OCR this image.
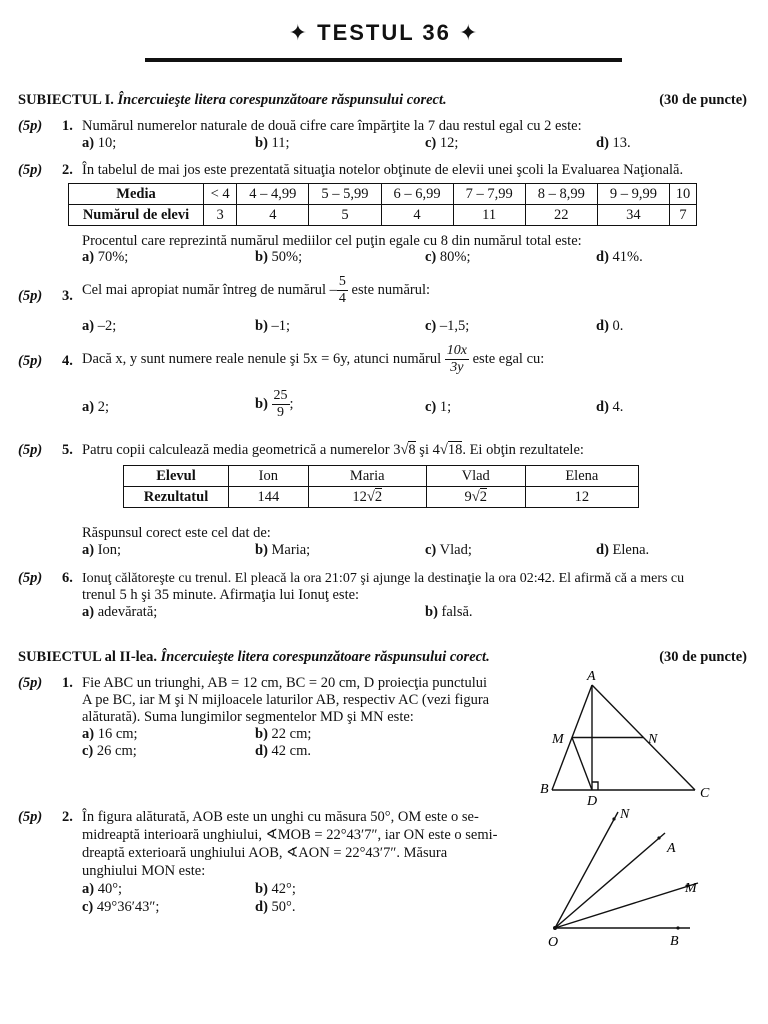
✦ TESTUL 36 ✦
SUBIECTUL I. Încercuieşte litera corespunzătoare răspunsului corect.	(30 de puncte)
(5p) 1. Numărul numerelor naturale de două cifre care împărţite la 7 dau restul egal cu 2 este:
a) 10;	b) 11;	c) 12;	d) 13.
(5p) 2. În tabelul de mai jos este prezentată situaţia notelor obţinute de elevii unei şcoli la Evaluarea Naţională.
Media	< 4	4 – 4,99	5 – 5,99	6 – 6,99	7 – 7,99	8 – 8,99	9 – 9,99	10
Numărul de elevi	3	4	5	4	11	22	34	7
Procentul care reprezintă numărul mediilor cel puţin egale cu 8 din numărul total este:
a) 70%;	b) 50%;	c) 80%;	d) 41%.
(5p) 3. Cel mai apropiat număr întreg de numărul – $\frac{5}{4}$ este numărul:
a) –2;	b) –1;	c) –1,5;	d) 0.
(5p) 4. Dacă x, y sunt numere reale nenule şi 5x = 6y, atunci numărul $\frac{10x}{3y}$ este egal cu:
a) 2;	$b) \frac{25}{9}$ ;	c) 1;	d) 4.
(5p) 5. Patru copii calculează media geometrică a numerelor 3√8 şi 4√18. Ei obţin rezultatele:
Elevul	Ion	Maria	Vlad	Elena
Rezultatul	144	12√2	9√2	12
Răspunsul corect este cel dat de:
a) Ion;	b) Maria;	c) Vlad;	d) Elena.
(5p) 6. Ionuţ călătoreşte cu trenul. El pleacă la ora 21:07 şi ajunge la destinaţie la ora 02:42. El afirmă că a mers cu
trenul 5 h şi 35 minute. Afirmaţia lui Ionuţ este:
a) adevărată;	b) falsă.
SUBIECTUL al II-lea. Încercuieşte litera corespunzătoare răspunsului corect.	(30 de puncte)
(5p) 1. Fie ABC un triunghi, AB = 12 cm, BC = 20 cm, D proiecţia punctului
A pe BC, iar M şi N mijloacele laturilor AB, respectiv AC (vezi figura
alăturată). Suma lungimilor segmentelor MD şi MN este:
a) 16 cm;	b) 22 cm;
c) 26 cm;	d) 42 cm.
A
B	C
D
M	N
(5p) 2. În figura alăturată, AOB este un unghi cu măsura 50°, OM este o se-
midreaptă interioară unghiului, ∢MOB = 22°43′7″, iar ON este o semi-
dreaptă exterioară unghiului AOB, ∢AON = 22°43′7″. Măsura
unghiului MON este:
a) 40°;	b) 42°;
c) 49°36′43″;	d) 50°.
O	B
M
A
N
